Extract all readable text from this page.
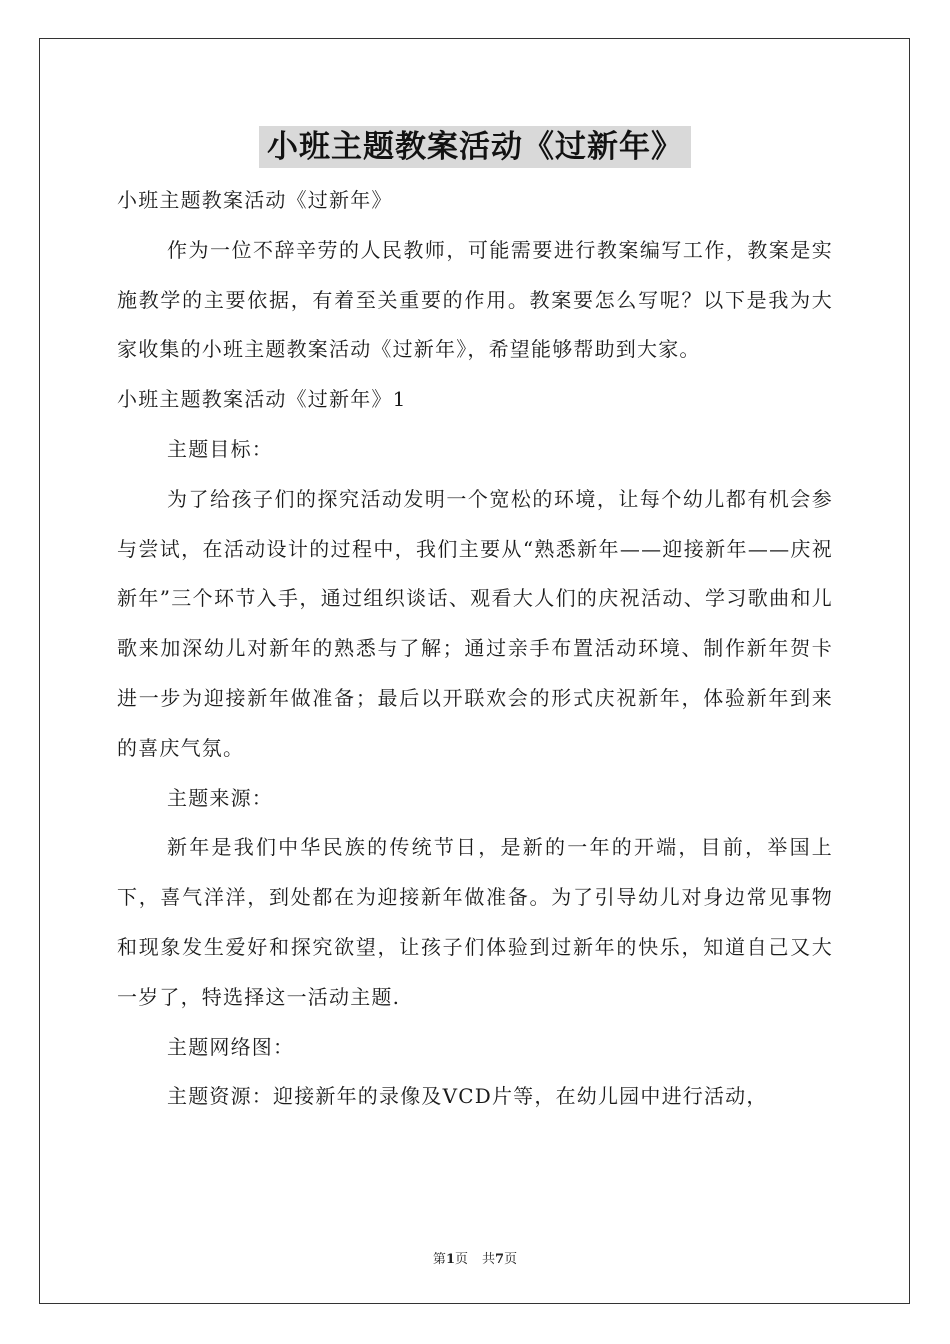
小班主题教案活动《过新年》

小班主题教案活动《过新年》

作为一位不辞辛劳的人民教师，可能需要进行教案编写工作，教案是实施教学的主要依据，有着至关重要的作用。教案要怎么写呢？以下是我为大家收集的小班主题教案活动《过新年》，希望能够帮助到大家。

小班主题教案活动《过新年》1

主题目标：

为了给孩子们的探究活动发明一个宽松的环境，让每个幼儿都有机会参与尝试，在活动设计的过程中，我们主要从“熟悉新年——迎接新年——庆祝新年”三个环节入手，通过组织谈话、观看大人们的庆祝活动、学习歌曲和儿歌来加深幼儿对新年的熟悉与了解；通过亲手布置活动环境、制作新年贺卡进一步为迎接新年做准备；最后以开联欢会的形式庆祝新年，体验新年到来的喜庆气氛。

主题来源：

新年是我们中华民族的传统节日，是新的一年的开端，目前，举国上下，喜气洋洋，到处都在为迎接新年做准备。为了引导幼儿对身边常见事物和现象发生爱好和探究欲望，让孩子们体验到过新年的快乐，知道自己又大一岁了，特选择这一活动主题.

主题网络图：

主题资源：迎接新年的录像及VCD片等，在幼儿园中进行活动，

第1页 共7页
